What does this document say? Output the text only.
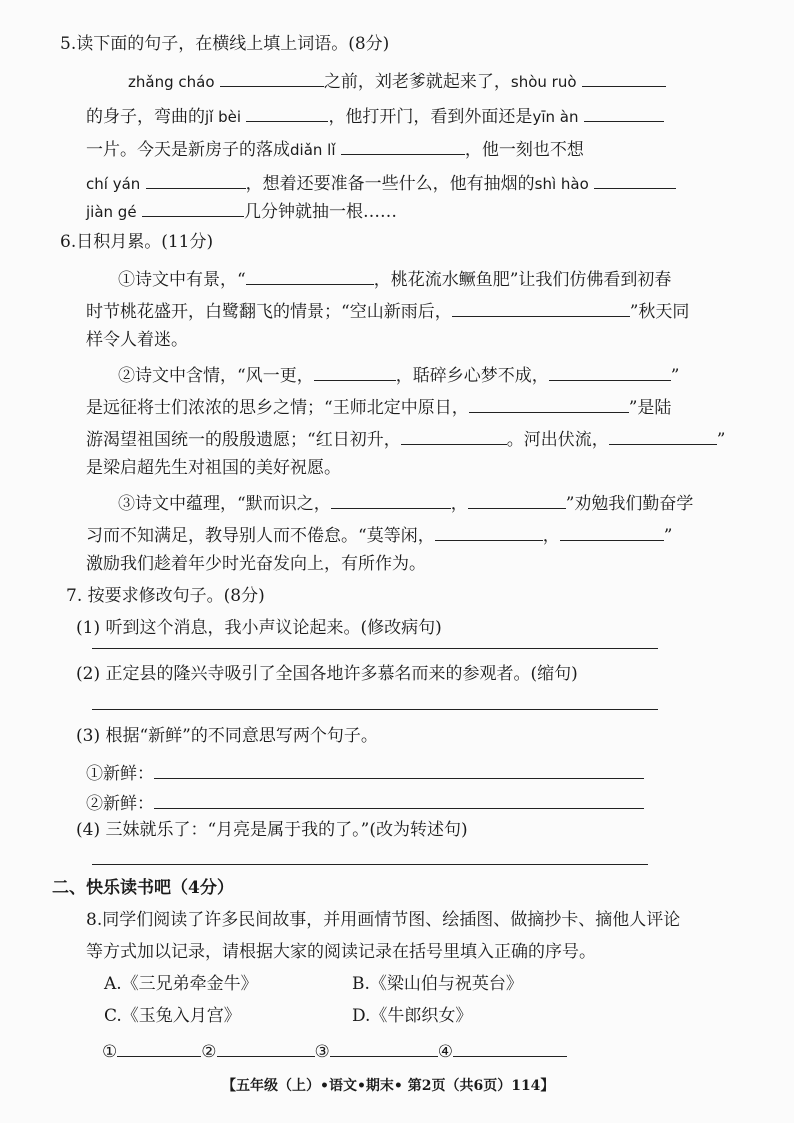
5.读下面的句子，在横线上填上词语。(8分)
zhǎng cháo	之前，刘老爹就起来了，shòu ruò
的身子，弯曲的jǐ bèi	，他打开门，看到外面还是yīn àn
一片。今天是新房子的落成diǎn lǐ	，他一刻也不想
chí yán	，想着还要准备一些什么，他有抽烟的shì hào
jiàn gé	几分钟就抽一根……
6.日积月累。(11分)
①诗文中有景，“	，桃花流水鳜鱼肥”让我们仿佛看到初春
时节桃花盛开，白鹭翻飞的情景；“空山新雨后，	”秋天同
样令人着迷。
②诗文中含情，“风一更，	，聒碎乡心梦不成，	”
是远征将士们浓浓的思乡之情；“王师北定中原日，	”是陆
游渴望祖国统一的殷殷遗愿；“红日初升，	。河出伏流，	”
是梁启超先生对祖国的美好祝愿。
③诗文中蕴理，“默而识之，	，	”劝勉我们勤奋学
习而不知满足，教导别人而不倦怠。“莫等闲，	，	”
激励我们趁着年少时光奋发向上，有所作为。
7. 按要求修改句子。(8分)
(1) 听到这个消息，我小声议论起来。(修改病句)
(2) 正定县的隆兴寺吸引了全国各地许多慕名而来的参观者。(缩句)
(3) 根据“新鲜”的不同意思写两个句子。
①新鲜：
②新鲜：
(4) 三妹就乐了：“月亮是属于我的了。”(改为转述句)
二、快乐读书吧（4分）
8.同学们阅读了许多民间故事，并用画情节图、绘插图、做摘抄卡、摘他人评论
等方式加以记录，请根据大家的阅读记录在括号里填入正确的序号。
A.《三兄弟牵金牛》	B.《梁山伯与祝英台》
C.《玉兔入月宫》	D.《牛郎织女》
①	②	③	④
【五年级（上）•语文•期末• 第2页（共6页）114】
